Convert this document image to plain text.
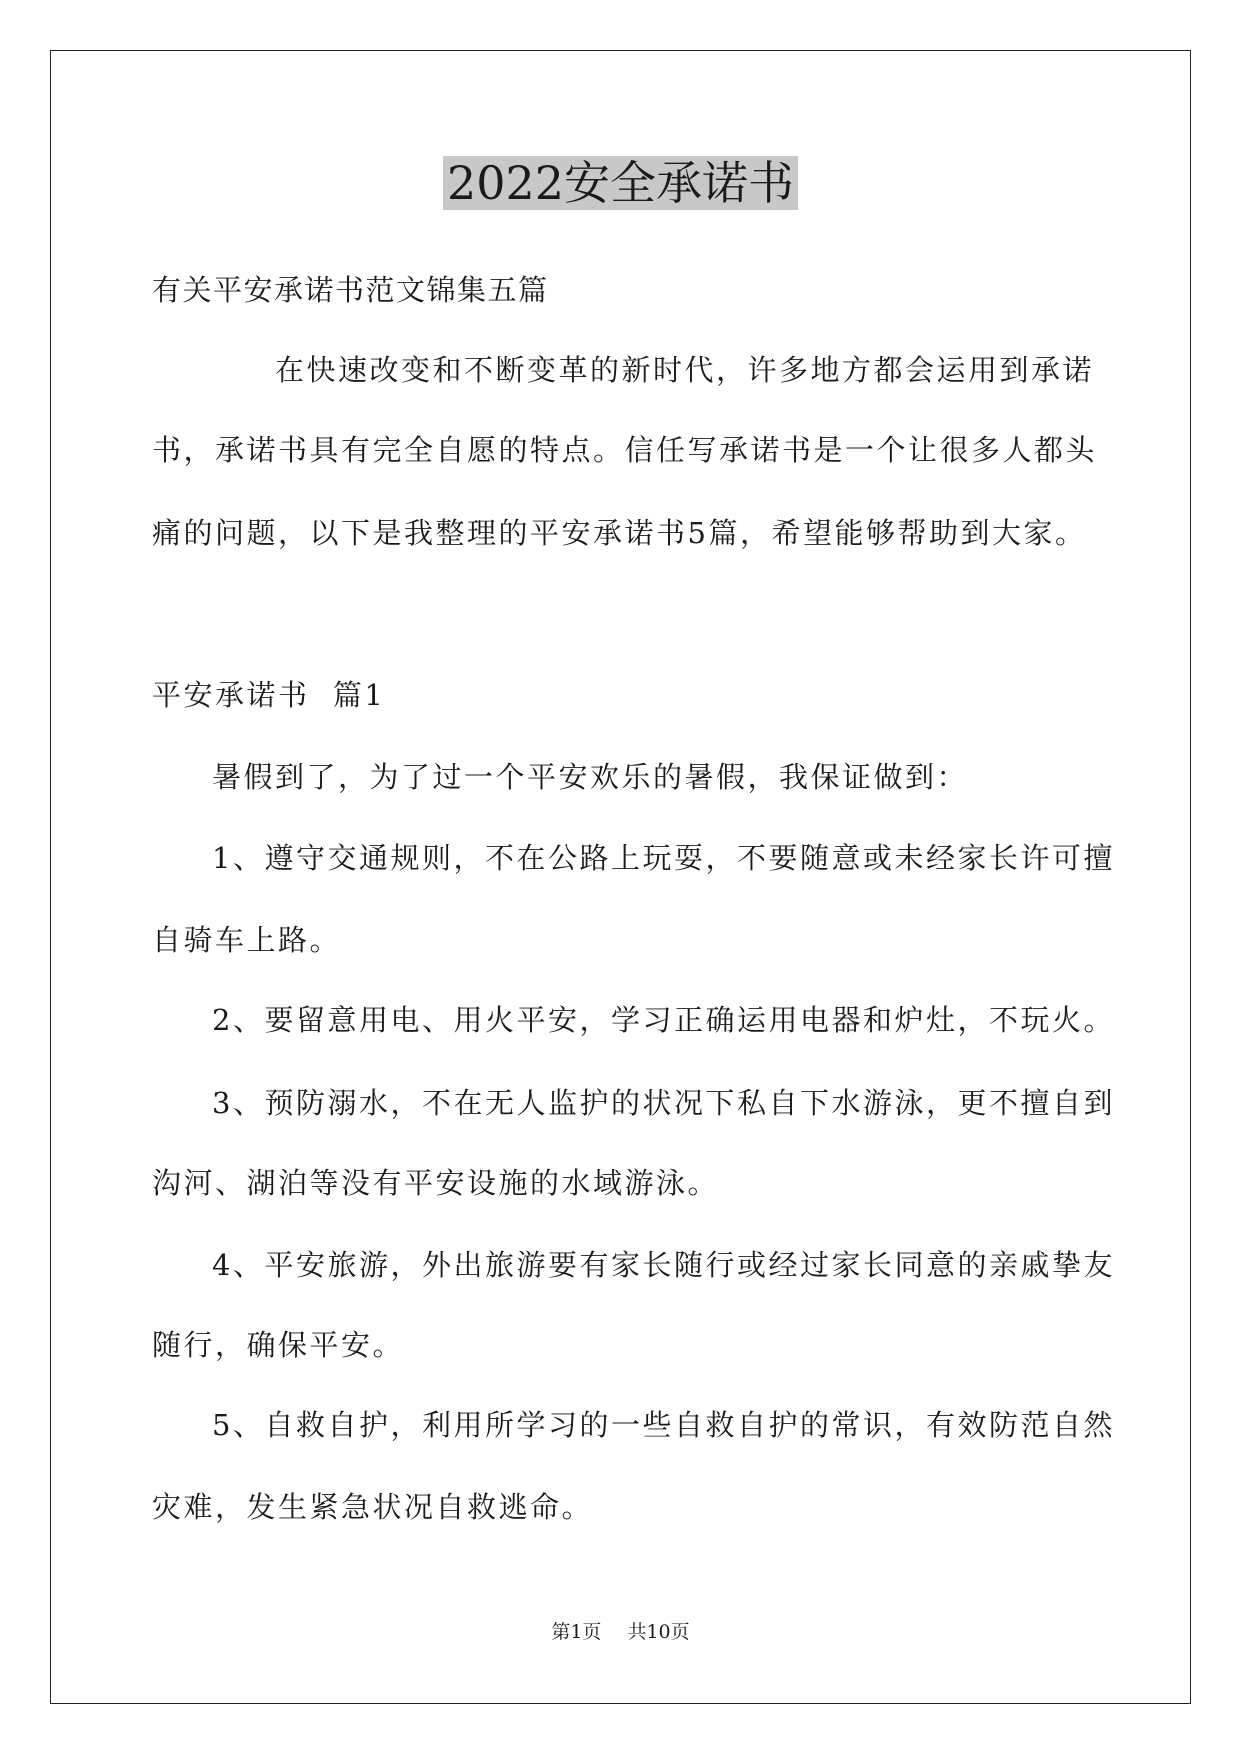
2022安全承诺书
有关平安承诺书范文锦集五篇
在快速改变和不断变革的新时代，许多地方都会运用到承诺
书，承诺书具有完全自愿的特点。信任写承诺书是一个让很多人都头
痛的问题，以下是我整理的平安承诺书5篇，希望能够帮助到大家。
平安承诺书  篇1
暑假到了，为了过一个平安欢乐的暑假，我保证做到：
1、遵守交通规则，不在公路上玩耍，不要随意或未经家长许可擅
自骑车上路。
2、要留意用电、用火平安，学习正确运用电器和炉灶，不玩火。
3、预防溺水，不在无人监护的状况下私自下水游泳，更不擅自到
沟河、湖泊等没有平安设施的水域游泳。
4、平安旅游，外出旅游要有家长随行或经过家长同意的亲戚挚友
随行，确保平安。
5、自救自护，利用所学习的一些自救自护的常识，有效防范自然
灾难，发生紧急状况自救逃命。
第1页 共10页
